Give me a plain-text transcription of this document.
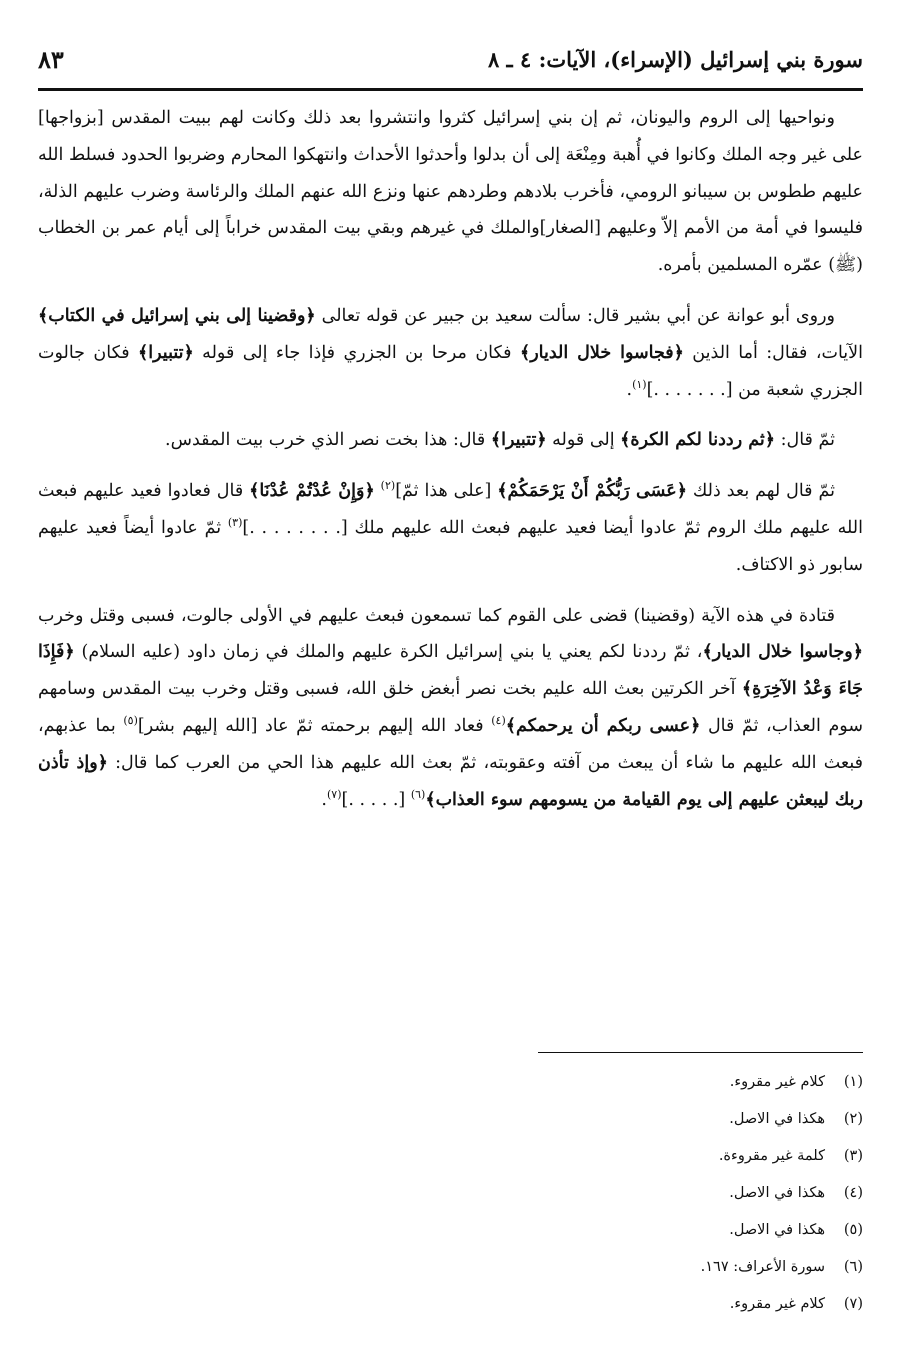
سورة بني إسرائيل (الإسراء)، الآيات: ٤ ـ ٨
٨٣

ونواحيها إلى الروم واليونان، ثم إن بني إسرائيل كثروا وانتشروا بعد ذلك وكانت لهم ببيت المقدس [بزواجها] على غير وجه الملك وكانوا في أُهبة ومِنْعَة إلى أن بدلوا وأحدثوا الأحداث وانتهكوا المحارم وضربوا الحدود فسلط الله عليهم ططوس بن سيبانو الرومي، فأخرب بلادهم وطردهم عنها ونزع الله عنهم الملك والرئاسة وضرب عليهم الذلة، فليسوا في أمة من الأمم إلاّ وعليهم [الصغار]والملك في غيرهم وبقي بيت المقدس خراباً إلى أيام عمر بن الخطاب (ﷺ) عمّره المسلمين بأمره.

وروى أبو عوانة عن أبي بشير قال: سألت سعيد بن جبير عن قوله تعالى ﴿وقضينا إلى بني إسرائيل في الكتاب﴾ الآيات، فقال: أما الذين ﴿فجاسوا خلال الديار﴾ فكان مرحا بن الجزري فإذا جاء إلى قوله ﴿تتبيرا﴾ فكان جالوت الجزري شعبة من [. . . . . . .]$^{(١)}$.

ثمّ قال: ﴿ثم رددنا لكم الكرة﴾ إلى قوله ﴿تتبيرا﴾ قال: هذا بخت نصر الذي خرب بيت المقدس.

ثمّ قال لهم بعد ذلك ﴿عَسَى رَبُّكُمْ أَنْ يَرْحَمَكُمْ﴾ [على هذا ثمّ]$^{(٢)}$ ﴿وَإِنْ عُدْتُمْ عُدْنَا﴾ قال فعادوا فعيد عليهم فبعث الله عليهم ملك الروم ثمّ عادوا أيضا فعيد عليهم فبعث الله عليهم ملك [. . . . . . . .]$^{(٣)}$ ثمّ عادوا أيضاً فعيد عليهم سابور ذو الاكتاف.

قتادة في هذه الآية (وقضينا) قضى على القوم كما تسمعون فبعث عليهم في الأولى جالوت، فسبى وقتل وخرب ﴿وجاسوا خلال الديار﴾، ثمّ رددنا لكم يعني يا بني إسرائيل الكرة عليهم والملك في زمان داود (عليه السلام) ﴿فَإِذَا جَاءَ وَعْدُ الآخِرَةِ﴾ آخر الكرتين بعث الله عليم بخت نصر أبغض خلق الله، فسبى وقتل وخرب بيت المقدس وسامهم سوم العذاب، ثمّ قال ﴿عسى ربكم أن يرحمكم﴾$^{(٤)}$ فعاد الله إليهم برحمته ثمّ عاد [الله إليهم بشر]$^{(٥)}$ بما عذبهم، فبعث الله عليهم ما شاء أن يبعث من آفته وعقوبته، ثمّ بعث الله عليهم هذا الحي من العرب كما قال: ﴿وإذ تأذن ربك ليبعثن عليهم إلى يوم القيامة من يسومهم سوء العذاب﴾$^{(٦)}$ [. . . . .]$^{(٧)}$.

(١)
كلام غير مقروء.
(٢)
هكذا في الاصل.
(٣)
كلمة غير مقروءة.
(٤)
هكذا في الاصل.
(٥)
هكذا في الاصل.
(٦)
سورة الأعراف: ١٦٧.
(٧)
كلام غير مقروء.
